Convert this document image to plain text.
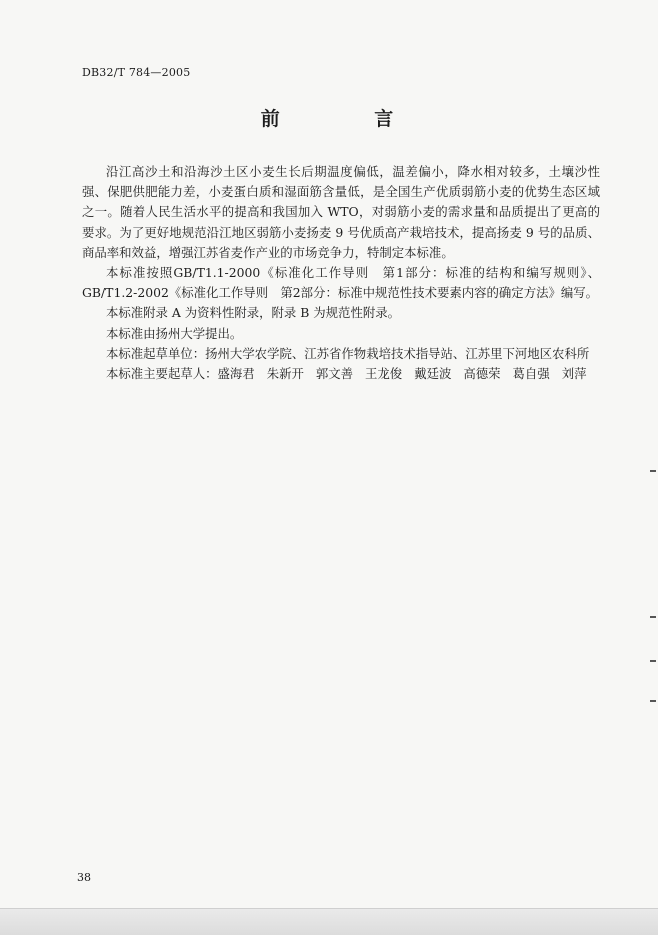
DB32/T 784—2005
前 言

沿江高沙土和沿海沙土区小麦生长后期温度偏低，温差偏小，降水相对较多，土壤沙性强、保肥供肥能力差，小麦蛋白质和湿面筋含量低，是全国生产优质弱筋小麦的优势生态区域之一。随着人民生活水平的提高和我国加入 WTO，对弱筋小麦的需求量和品质提出了更高的要求。为了更好地规范沿江地区弱筋小麦扬麦 9 号优质高产栽培技术，提高扬麦 9 号的品质、商品率和效益，增强江苏省麦作产业的市场竞争力，特制定本标准。

本标准按照GB/T1.1-2000《标准化工作导则　第1部分：标准的结构和编写规则》、GB/T1.2-2002《标准化工作导则　第2部分：标准中规范性技术要素内容的确定方法》编写。

本标准附录 A 为资料性附录，附录 B 为规范性附录。

本标准由扬州大学提出。

本标准起草单位：扬州大学农学院、江苏省作物栽培技术指导站、江苏里下河地区农科所

本标准主要起草人：盛海君 朱新开 郭文善 王龙俊 戴廷波 高德荣 葛自强 刘萍

38
